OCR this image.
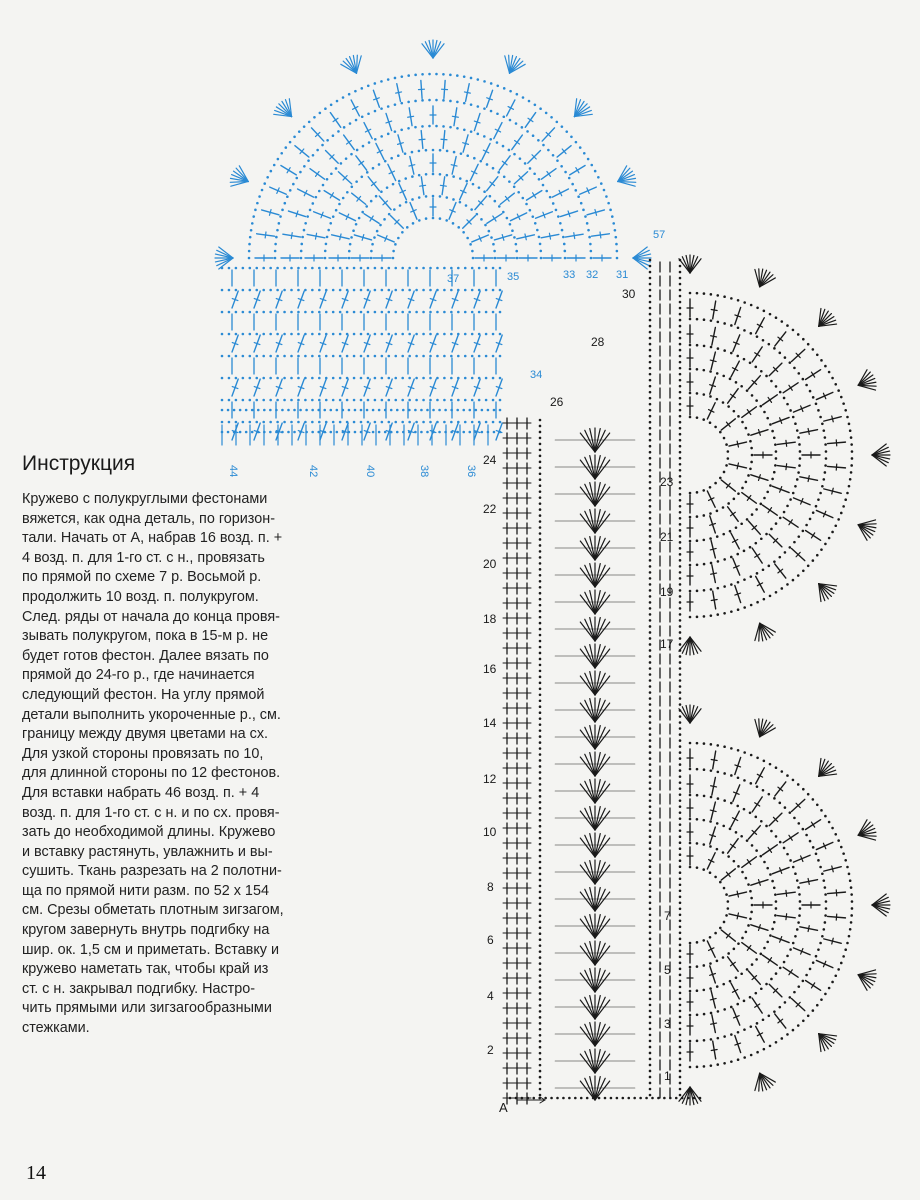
24
22
20
18
16
14
12
10
8
6
4
2
23
21
19
17
7
5
3
1
30
28
26
А
32
33
34
35
37	31
57
44	42	40	38	36
Инструкция
Кружево с полукруглыми фестонами
вяжется, как одна деталь, по горизон-
тали. Начать от А, набрав 16 возд. п. +
4 возд. п. для 1-го ст. с н., провязать
по прямой по схеме 7 р. Восьмой р.
продолжить 10 возд. п. полукругом.
След. ряды от начала до конца провя-
зывать полукругом, пока в 15-м р. не
будет готов фестон. Далее вязать по
прямой до 24-го р., где начинается
следующий фестон. На углу прямой
детали выполнить укороченные р., см.
границу между двумя цветами на сх.
Для узкой стороны провязать по 10,
для длинной стороны по 12 фестонов.
Для вставки набрать 46 возд. п. + 4
возд. п. для 1-го ст. с н. и по сх. провя-
зать до необходимой длины. Кружево
и вставку растянуть, увлажнить и вы-
сушить. Ткань разрезать на 2 полотни-
ща по прямой нити разм. по 52 х 154
см. Срезы обметать плотным зигзагом,
кругом завернуть внутрь подгибку на
шир. ок. 1,5 см и приметать. Вставку и
кружево наметать так, чтобы край из
ст. с н. закрывал подгибку. Настро-
чить прямыми или зигзагообразными
стежками.
14
